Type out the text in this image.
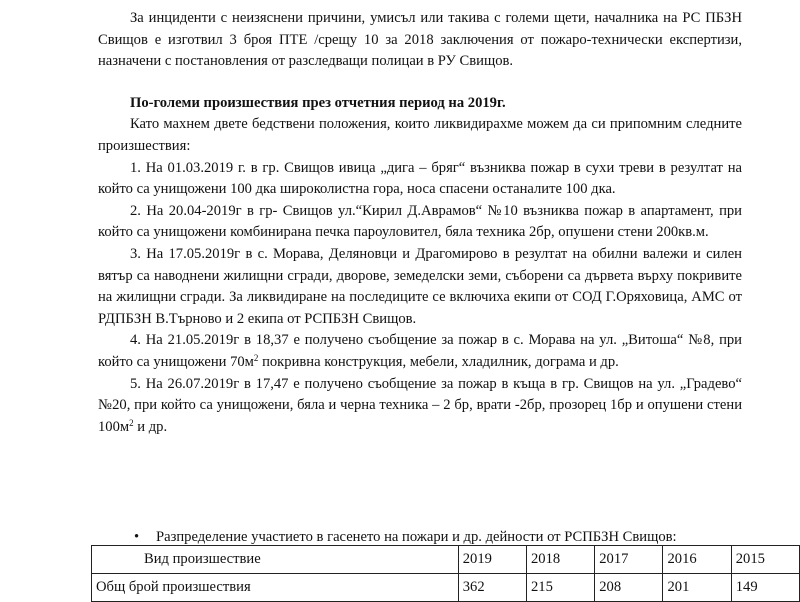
За инциденти с неизяснени причини, умисъл или такива с големи щети, началника на РС ПБЗН Свищов е изготвил 3 броя ПТЕ /срещу 10 за 2018 заключения от пожаро-технически експертизи, назначени с постановления от разследващи полицаи в РУ Свищов.

По-големи произшествия през отчетния период на 2019г.

Като махнем двете бедствени положения, които ликвидирахме можем да си припомним следните произшествия:

1. На 01.03.2019 г. в гр. Свищов ивица „дига – бряг“ възниква пожар в сухи треви в резултат на който са унищожени 100 дка широколистна гора, носа спасени останалите 100 дка.

2. На 20.04-2019г в гр- Свищов ул.“Кирил Д.Аврамов“ №10 възниква пожар в апартамент, при който са унищожени комбинирана печка пароуловител, бяла техника 2бр, опушени стени 200кв.м.

3. На 17.05.2019г в с. Морава, Деляновци и Драгомирово в резултат на обилни валежи и силен вятър са наводнени жилищни сгради, дворове, земеделски земи, съборени са дървета върху покривите на жилищни сгради. За ликвидиране на последиците се включиха екипи от СОД Г.Оряховица, АМС от РДПБЗН В.Търново и 2 екипа от РСПБЗН Свищов.

4. На 21.05.2019г в 18,37 е получено съобщение за пожар в с. Морава на ул. „Витоша“ №8, при който са унищожени $70м^2$ покривна конструкция, мебели, хладилник, дограма и др.

5. На 26.07.2019г в 17,47 е получено съобщение за пожар в къща в гр. Свищов на ул. „Градево“ №20, при който са унищожени, бяла и черна техника – 2 бр, врати -2бр, прозорец 1бр и опушени стени $100м^2$ и др.

• Разпределение участието в гасенето на пожари и др. дейности от РСПБЗН Свищов:
Вид произшествие	2019	2018	2017	2016	2015
Общ брой произшествия	362	215	208	201	149
